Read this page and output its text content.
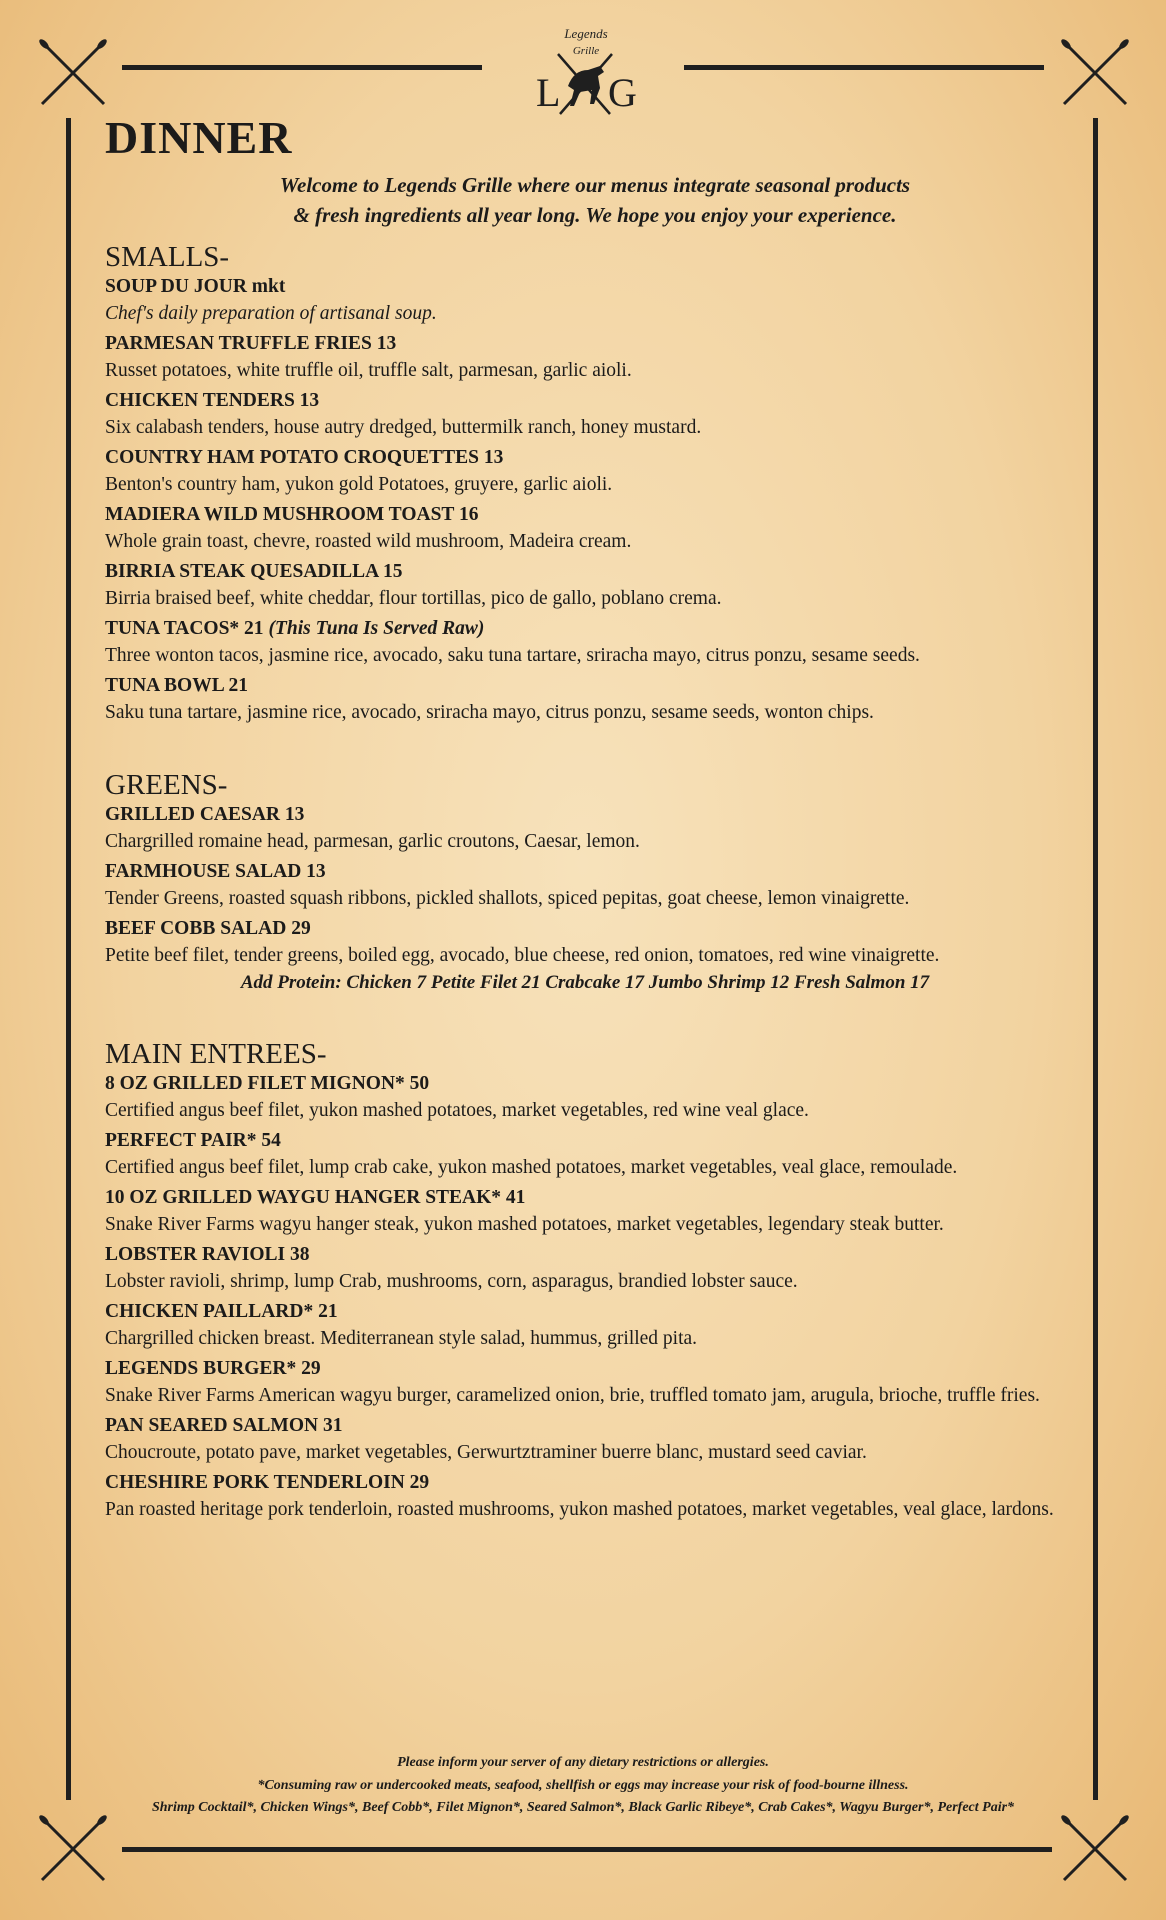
Legends
Grille
L & G
DINNER

Welcome to Legends Grille where our menus integrate seasonal products

& fresh ingredients all year long. We hope you enjoy your experience.

SMALLS-

SOUP DU JOUR mkt

Chef's daily preparation of artisanal soup.

PARMESAN TRUFFLE FRIES 13

Russet potatoes, white truffle oil, truffle salt, parmesan, garlic aioli.

CHICKEN TENDERS 13

Six calabash tenders, house autry dredged, buttermilk ranch, honey mustard.

COUNTRY HAM POTATO CROQUETTES 13

Benton's country ham, yukon gold Potatoes, gruyere, garlic aioli.

MADIERA WILD MUSHROOM TOAST 16

Whole grain toast, chevre, roasted wild mushroom, Madeira cream.

BIRRIA STEAK QUESADILLA 15

Birria braised beef, white cheddar, flour tortillas, pico de gallo, poblano crema.

TUNA TACOS* 21 (This Tuna Is Served Raw)

Three wonton tacos, jasmine rice, avocado, saku tuna tartare, sriracha mayo, citrus ponzu, sesame seeds.

TUNA BOWL 21

Saku tuna tartare, jasmine rice, avocado, sriracha mayo, citrus ponzu, sesame seeds, wonton chips.

GREENS-

GRILLED CAESAR 13

Chargrilled romaine head, parmesan, garlic croutons, Caesar, lemon.

FARMHOUSE SALAD 13

Tender Greens, roasted squash ribbons, pickled shallots, spiced pepitas, goat cheese, lemon vinaigrette.

BEEF COBB SALAD 29

Petite beef filet, tender greens, boiled egg, avocado, blue cheese, red onion, tomatoes, red wine vinaigrette.

Add Protein: Chicken 7 Petite Filet 21 Crabcake 17 Jumbo Shrimp 12 Fresh Salmon 17

MAIN ENTREES-

8 OZ GRILLED FILET MIGNON* 50

Certified angus beef filet, yukon mashed potatoes, market vegetables, red wine veal glace.

PERFECT PAIR* 54

Certified angus beef filet, lump crab cake, yukon mashed potatoes, market vegetables, veal glace, remoulade.

10 OZ GRILLED WAYGU HANGER STEAK* 41

Snake River Farms wagyu hanger steak, yukon mashed potatoes, market vegetables, legendary steak butter.

LOBSTER RAVIOLI 38

Lobster ravioli, shrimp, lump Crab, mushrooms, corn, asparagus, brandied lobster sauce.

CHICKEN PAILLARD* 21

Chargrilled chicken breast. Mediterranean style salad, hummus, grilled pita.

LEGENDS BURGER* 29

Snake River Farms American wagyu burger, caramelized onion, brie, truffled tomato jam, arugula, brioche, truffle fries.

PAN SEARED SALMON 31

Choucroute, potato pave, market vegetables, Gerwurtztraminer buerre blanc, mustard seed caviar.

CHESHIRE PORK TENDERLOIN 29

Pan roasted heritage pork tenderloin, roasted mushrooms, yukon mashed potatoes, market vegetables, veal glace, lardons.

Please inform your server of any dietary restrictions or allergies.
*Consuming raw or undercooked meats, seafood, shellfish or eggs may increase your risk of food-bourne illness.
Shrimp Cocktail*, Chicken Wings*, Beef Cobb*, Filet Mignon*, Seared Salmon*, Black Garlic Ribeye*, Crab Cakes*, Wagyu Burger*, Perfect Pair*
